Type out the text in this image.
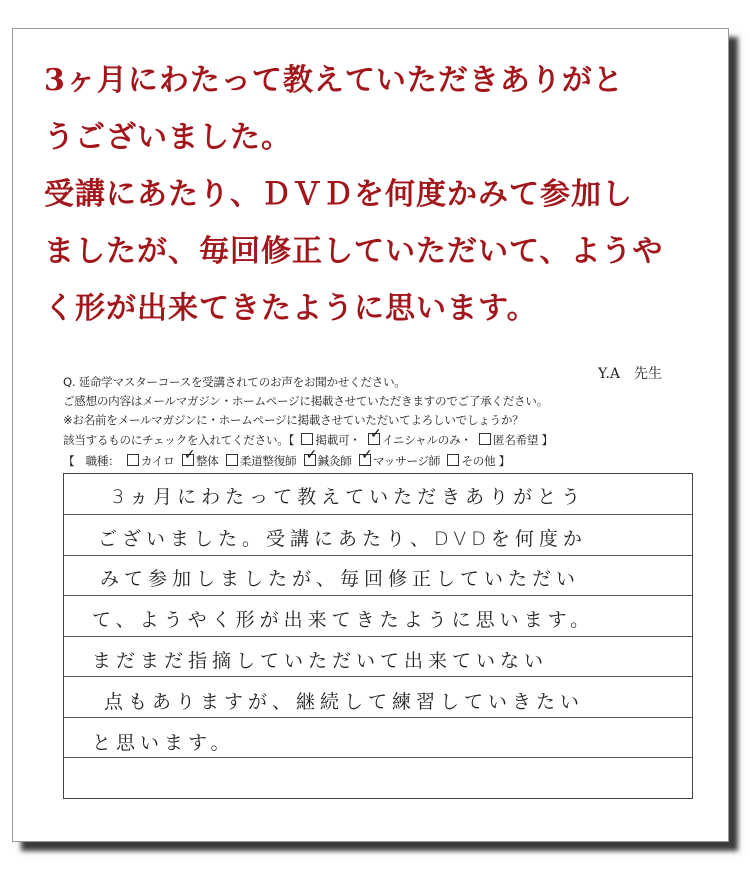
3ヶ月にわたって教えていただきありがと
うございました。
受講にあたり、ＤＶＤを何度かみて参加し
ましたが、毎回修正していただいて、ようや
く形が出来てきたように思います。
Y.A　先生
Q. 延命学マスターコースを受講されてのお声をお聞かせください。
ご感想の内容はメールマガジン・ホームページに掲載させていただきますのでご了承ください。
※お名前をメールマガジンに・ホームページに掲載させていただいてよろしいでしょうか？
該当するものにチェックを入れてください。【 掲載可・ ✓ イニシャルのみ・ 匿名希望 】
【　職種： カイロ ✓ 整体 柔道整復師 ✓ 鍼灸師 ✓ マッサージ師 その他 】
3ヵ月にわたって教えていただきありがとう
ございました。受講にあたり、DVDを何度か
みて参加しましたが、毎回修正していただい
て、ようやく形が出来てきたように思います。
まだまだ指摘していただいて出来ていない
点もありますが、継続して練習していきたい
と思います。
